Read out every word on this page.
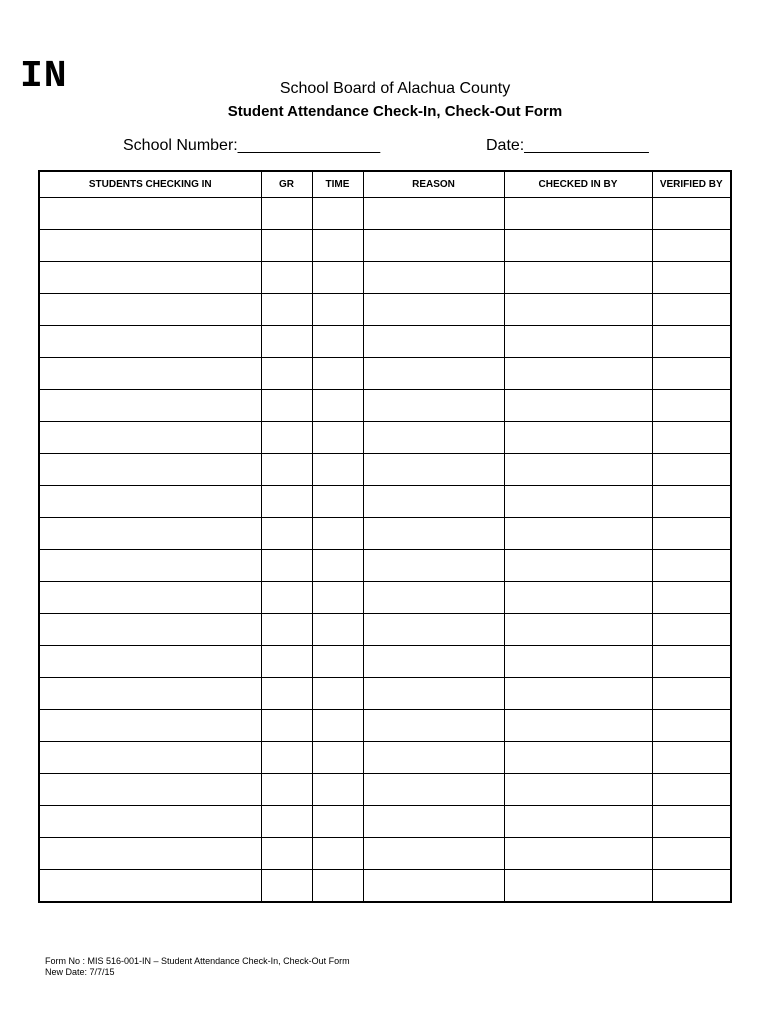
IN	School Board of Alachua County
Student Attendance Check-In, Check-Out Form
School Number:________________	Date:______________
STUDENTS CHECKING IN	GR	TIME	REASON	CHECKED IN BY	VERIFIED BY

Form No : MIS 516-001-IN – Student Attendance Check-In, Check-Out Form
New Date: 7/7/15
